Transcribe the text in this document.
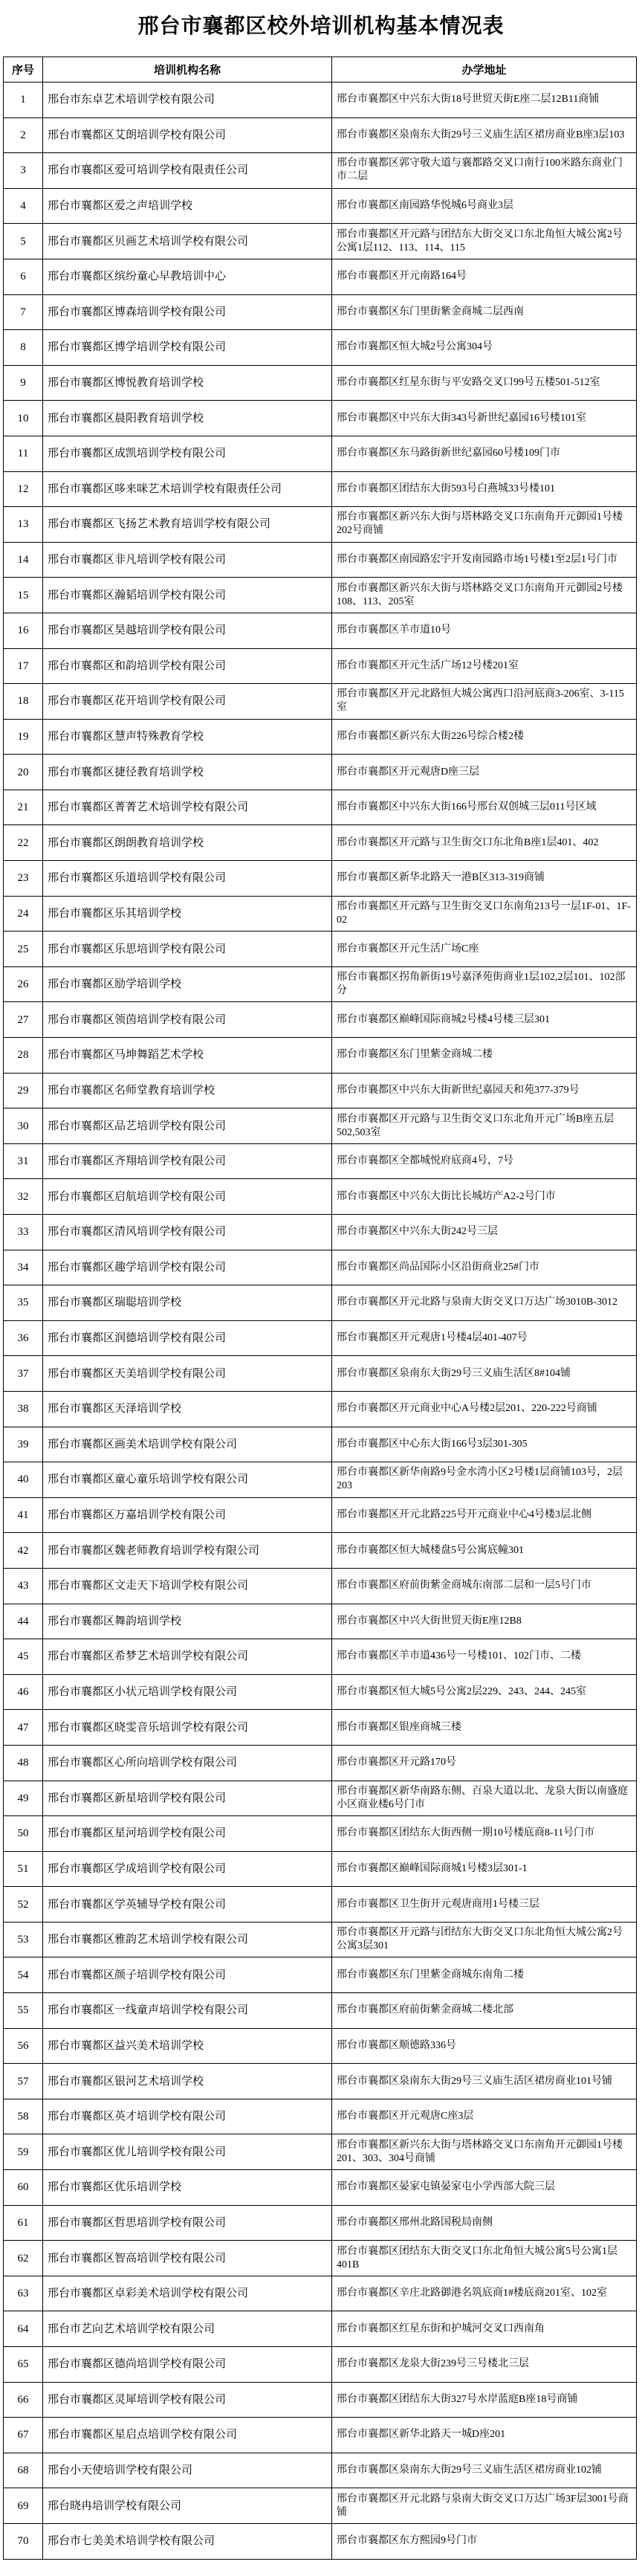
邢台市襄都区校外培训机构基本情况表
序号	培训机构名称	办学地址
1	邢台市东卓艺术培训学校有限公司	邢台市襄都区中兴东大街18号世贸天街E座二层12B11商铺
2	邢台市襄都区艾朗培训学校有限公司	邢台市襄都区泉南东大街29号三义庙生活区裙房商业B座3层103
3	邢台市襄都区爱可培训学校有限责任公司	邢台市襄都区郭守敬大道与襄都路交叉口南行100米路东商业门市二层
4	邢台市襄都区爱之声培训学校	邢台市襄都区南园路华悦城6号商业3层
5	邢台市襄都区贝画艺术培训学校有限公司	邢台市襄都区开元路与团结东大街交叉口东北角恒大城公寓2号公寓1层112、113、114、115
6	邢台市襄都区缤纷童心早教培训中心	邢台市襄都区开元南路164号
7	邢台市襄都区博森培训学校有限公司	邢台市襄都区东门里街紫金商城二层西南
8	邢台市襄都区博学培训学校有限公司	邢台市襄都区恒大城2号公寓304号
9	邢台市襄都区博悦教育培训学校	邢台市襄都区红星东街与平安路交叉口99号五楼501-512室
10	邢台市襄都区晨阳教育培训学校	邢台市襄都区中兴东大街343号新世纪嘉园16号楼101室
11	邢台市襄都区成凯培训学校有限公司	邢台市襄都区东马路街新世纪嘉园60号楼109门市
12	邢台市襄都区哆来咪艺术培训学校有限责任公司	邢台市襄都区团结东大街593号白燕城33号楼101
13	邢台市襄都区飞扬艺术教育培训学校有限公司	邢台市襄都区新兴东大街与塔林路交叉口东南角开元御园1号楼202号商铺
14	邢台市襄都区非凡培训学校有限公司	邢台市襄都区南园路宏宇开发南园路市场1号楼1至2层1号门市
15	邢台市襄都区瀚韬培训学校有限公司	邢台市襄都区新兴东大街与塔林路交叉口东南角开元御园2号楼108、113、205室
16	邢台市襄都区昊越培训学校有限公司	邢台市襄都区羊市道10号
17	邢台市襄都区和韵培训学校有限公司	邢台市襄都区开元生活广场12号楼201室
18	邢台市襄都区花开培训学校有限公司	邢台市襄都区开元北路恒大城公寓西口沿河底商3-206室、3-115室
19	邢台市襄都区慧声特殊教育学校	邢台市襄都区新兴东大街226号综合楼2楼
20	邢台市襄都区捷径教育培训学校	邢台市襄都区开元观唐D座三层
21	邢台市襄都区菁菁艺术培训学校有限公司	邢台市襄都区中兴东大街166号邢台双创城三层011号区域
22	邢台市襄都区朗朗教育培训学校	邢台市襄都区开元路与卫生街交口东北角B座1层401、402
23	邢台市襄都区乐道培训学校有限公司	邢台市襄都区新华北路天一港B区313-319商铺
24	邢台市襄都区乐其培训学校	邢台市襄都区开元路与卫生街交叉口东南角213号一层1F-01、1F-02
25	邢台市襄都区乐思培训学校有限公司	邢台市襄都区开元生活广场C座
26	邢台市襄都区励学培训学校	邢台市襄都区拐角新街19号嘉泽苑街商业1层102,2层101、102部分
27	邢台市襄都区领茵培训学校有限公司	邢台市襄都区巅峰国际商城2号楼4号楼三层301
28	邢台市襄都区马坤舞蹈艺术学校	邢台市襄都区东门里紫金商城二楼
29	邢台市襄都区名师堂教育培训学校	邢台市襄都区中兴东大街新世纪嘉园天和苑377-379号
30	邢台市襄都区品艺培训学校有限公司	邢台市襄都区开元路与卫生街交叉口东北角开元广场B座五层502,503室
31	邢台市襄都区齐翔培训学校有限公司	邢台市襄都区全都城悦府底商4号，7号
32	邢台市襄都区启航培训学校有限公司	邢台市襄都区中兴东大街比长城坊产A2-2号门市
33	邢台市襄都区清风培训学校有限公司	邢台市襄都区中兴东大街242号三层
34	邢台市襄都区趣学培训学校有限公司	邢台市襄都区尚品国际小区沿街商业25#门市
35	邢台市襄都区瑞聪培训学校	邢台市襄都区开元北路与泉南大街交叉口万达广场3010B-3012
36	邢台市襄都区润德培训学校有限公司	邢台市襄都区开元观唐1号楼4层401-407号
37	邢台市襄都区天美培训学校有限公司	邢台市襄都区泉南东大街29号三义庙生活区8#104铺
38	邢台市襄都区天泽培训学校	邢台市襄都区开元商业中心A号楼2层201、220-222号商铺
39	邢台市襄都区画美术培训学校有限公司	邢台市襄都区中心东大街166号3层301-305
40	邢台市襄都区童心童乐培训学校有限公司	邢台市襄都区新华南路9号金水湾小区2号楼1层商铺103号，2层203
41	邢台市襄都区万嘉培训学校有限公司	邢台市襄都区开元北路225号开元商业中心4号楼3层北侧
42	邢台市襄都区魏老师教育培训学校有限公司	邢台市襄都区恒大城楼盘5号公寓底幢301
43	邢台市襄都区文走天下培训学校有限公司	邢台市襄都区府前街紫金商城东南部二层和一层5号门市
44	邢台市襄都区舞韵培训学校	邢台市襄都区中兴大街世贸天街E座12B8
45	邢台市襄都区希梦艺术培训学校有限公司	邢台市襄都区羊市道436号一号楼101、102门市、二楼
46	邢台市襄都区小状元培训学校有限公司	邢台市襄都区恒大城5号公寓2层229、243、244、245室
47	邢台市襄都区晓雯音乐培训学校有限公司	邢台市襄都区银座商城三楼
48	邢台市襄都区心所向培训学校有限公司	邢台市襄都区开元路170号
49	邢台市襄都区新星培训学校有限公司	邢台市襄都区新华南路东侧、百泉大道以北、龙泉大街以南盛庭小区商业楼6号门市
50	邢台市襄都区星河培训学校有限公司	邢台市襄都区团结东大街西侧一期10号楼底商8-11号门市
51	邢台市襄都区学成培训学校有限公司	邢台市襄都区巅峰国际商城1号楼3层301-1
52	邢台市襄都区学英辅导学校有限公司	邢台市襄都区卫生街开元观唐商用1号楼三层
53	邢台市襄都区雅韵艺术培训学校有限公司	邢台市襄都区开元路与团结东大街交叉口东北角恒大城公寓2号公寓3层301
54	邢台市襄都区颜子培训学校有限公司	邢台市襄都区东门里紫金商城东南角二楼
55	邢台市襄都区一线童声培训学校有限公司	邢台市襄都区府前街紫金商城二楼北部
56	邢台市襄都区益兴美术培训学校	邢台市襄都区顺德路336号
57	邢台市襄都区银河艺术培训学校	邢台市襄都区泉南东大街29号三义庙生活区裙房商业101号铺
58	邢台市襄都区英才培训学校有限公司	邢台市襄都区开元观唐C座3层
59	邢台市襄都区优儿培训学校有限公司	邢台市襄都区新兴东大街与塔林路交叉口东南角开元御园1号楼201、303、304号商铺
60	邢台市襄都区优乐培训学校	邢台市襄都区晏家屯镇晏家屯小学西部大院三层
61	邢台市襄都区哲思培训学校有限公司	邢台市襄都区邢州北路国税局南侧
62	邢台市襄都区智高培训学校有限公司	邢台市襄都区团结东大街交叉口东北角恒大城公寓5号公寓1层401B
63	邢台市襄都区卓彩美术培训学校有限公司	邢台市襄都区辛庄北路御港名筑底商1#楼底商201室、102室
64	邢台市艺向艺术培训学校有限公司	邢台市襄都区红星东街和护城河交叉口西南角
65	邢台市襄都区德尚培训学校有限公司	邢台市襄都区龙泉大街239号三号楼北三层
66	邢台市襄都区灵犀培训学校有限公司	邢台市襄都区团结东大街327号水岸蓝庭B座18号商铺
67	邢台市襄都区星启点培训学校有限公司	邢台市襄都区新华北路天一城D座201
68	邢台小天使培训学校有限公司	邢台市襄都区泉南东大街29号三义庙生活区裙房商业102铺
69	邢台晓冉培训学校有限公司	邢台市襄都区开元北路与泉南大街交叉口万达广场3F层3001号商铺
70	邢台市七美美术培训学校有限公司	邢台市襄都区东方熙园9号门市
